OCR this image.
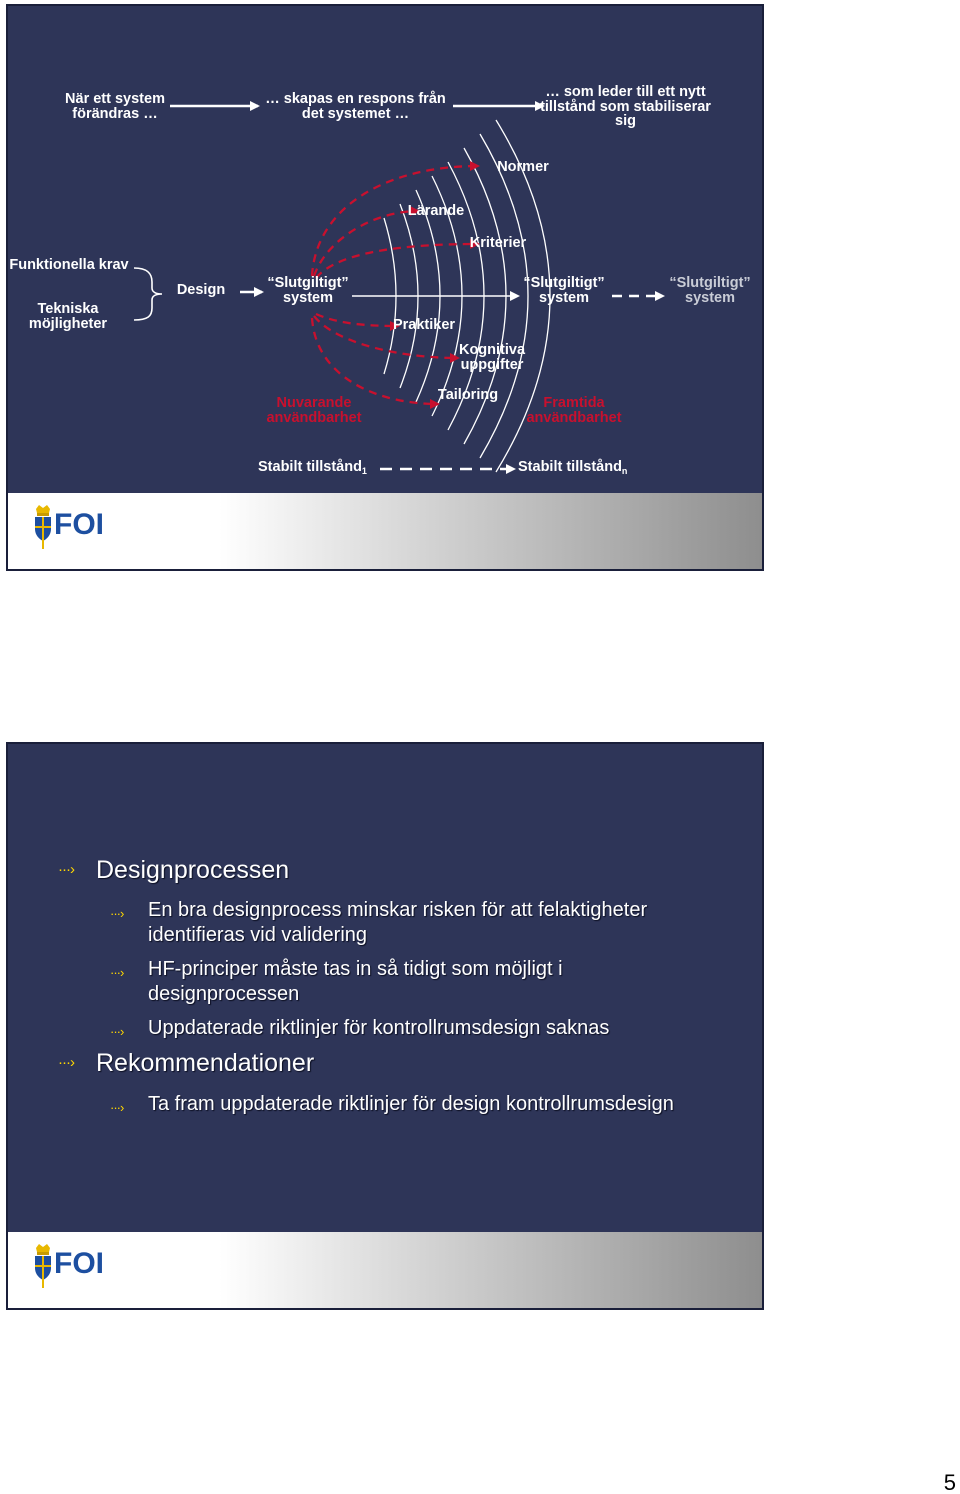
När ett system
förändras …
… skapas en respons från
det systemet …
… som leder till ett nytt
tillstånd som stabiliserar
sig
Funktionella krav
Tekniska
möjligheter
Design	“Slutgiltigt”
system
“Slutgiltigt”
system
“Slutgiltigt”
system
Normer
Lärande
Kriterier
Praktiker
Kognitiva
uppgifter
Tailoring
Nuvarande
användbarhet
Framtida
användbarhet
Stabilt tillstånd$_1$	Stabilt tillstånd$_n$
FOI
···› Designprocessen
···› En bra designprocess minskar risken för att felaktigheter
identifieras vid validering
···› HF-principer måste tas in så tidigt som möjligt i
designprocessen
···› Uppdaterade riktlinjer för kontrollrumsdesign saknas
···› Rekommendationer
···› Ta fram uppdaterade riktlinjer för design kontrollrumsdesign
FOI
5
